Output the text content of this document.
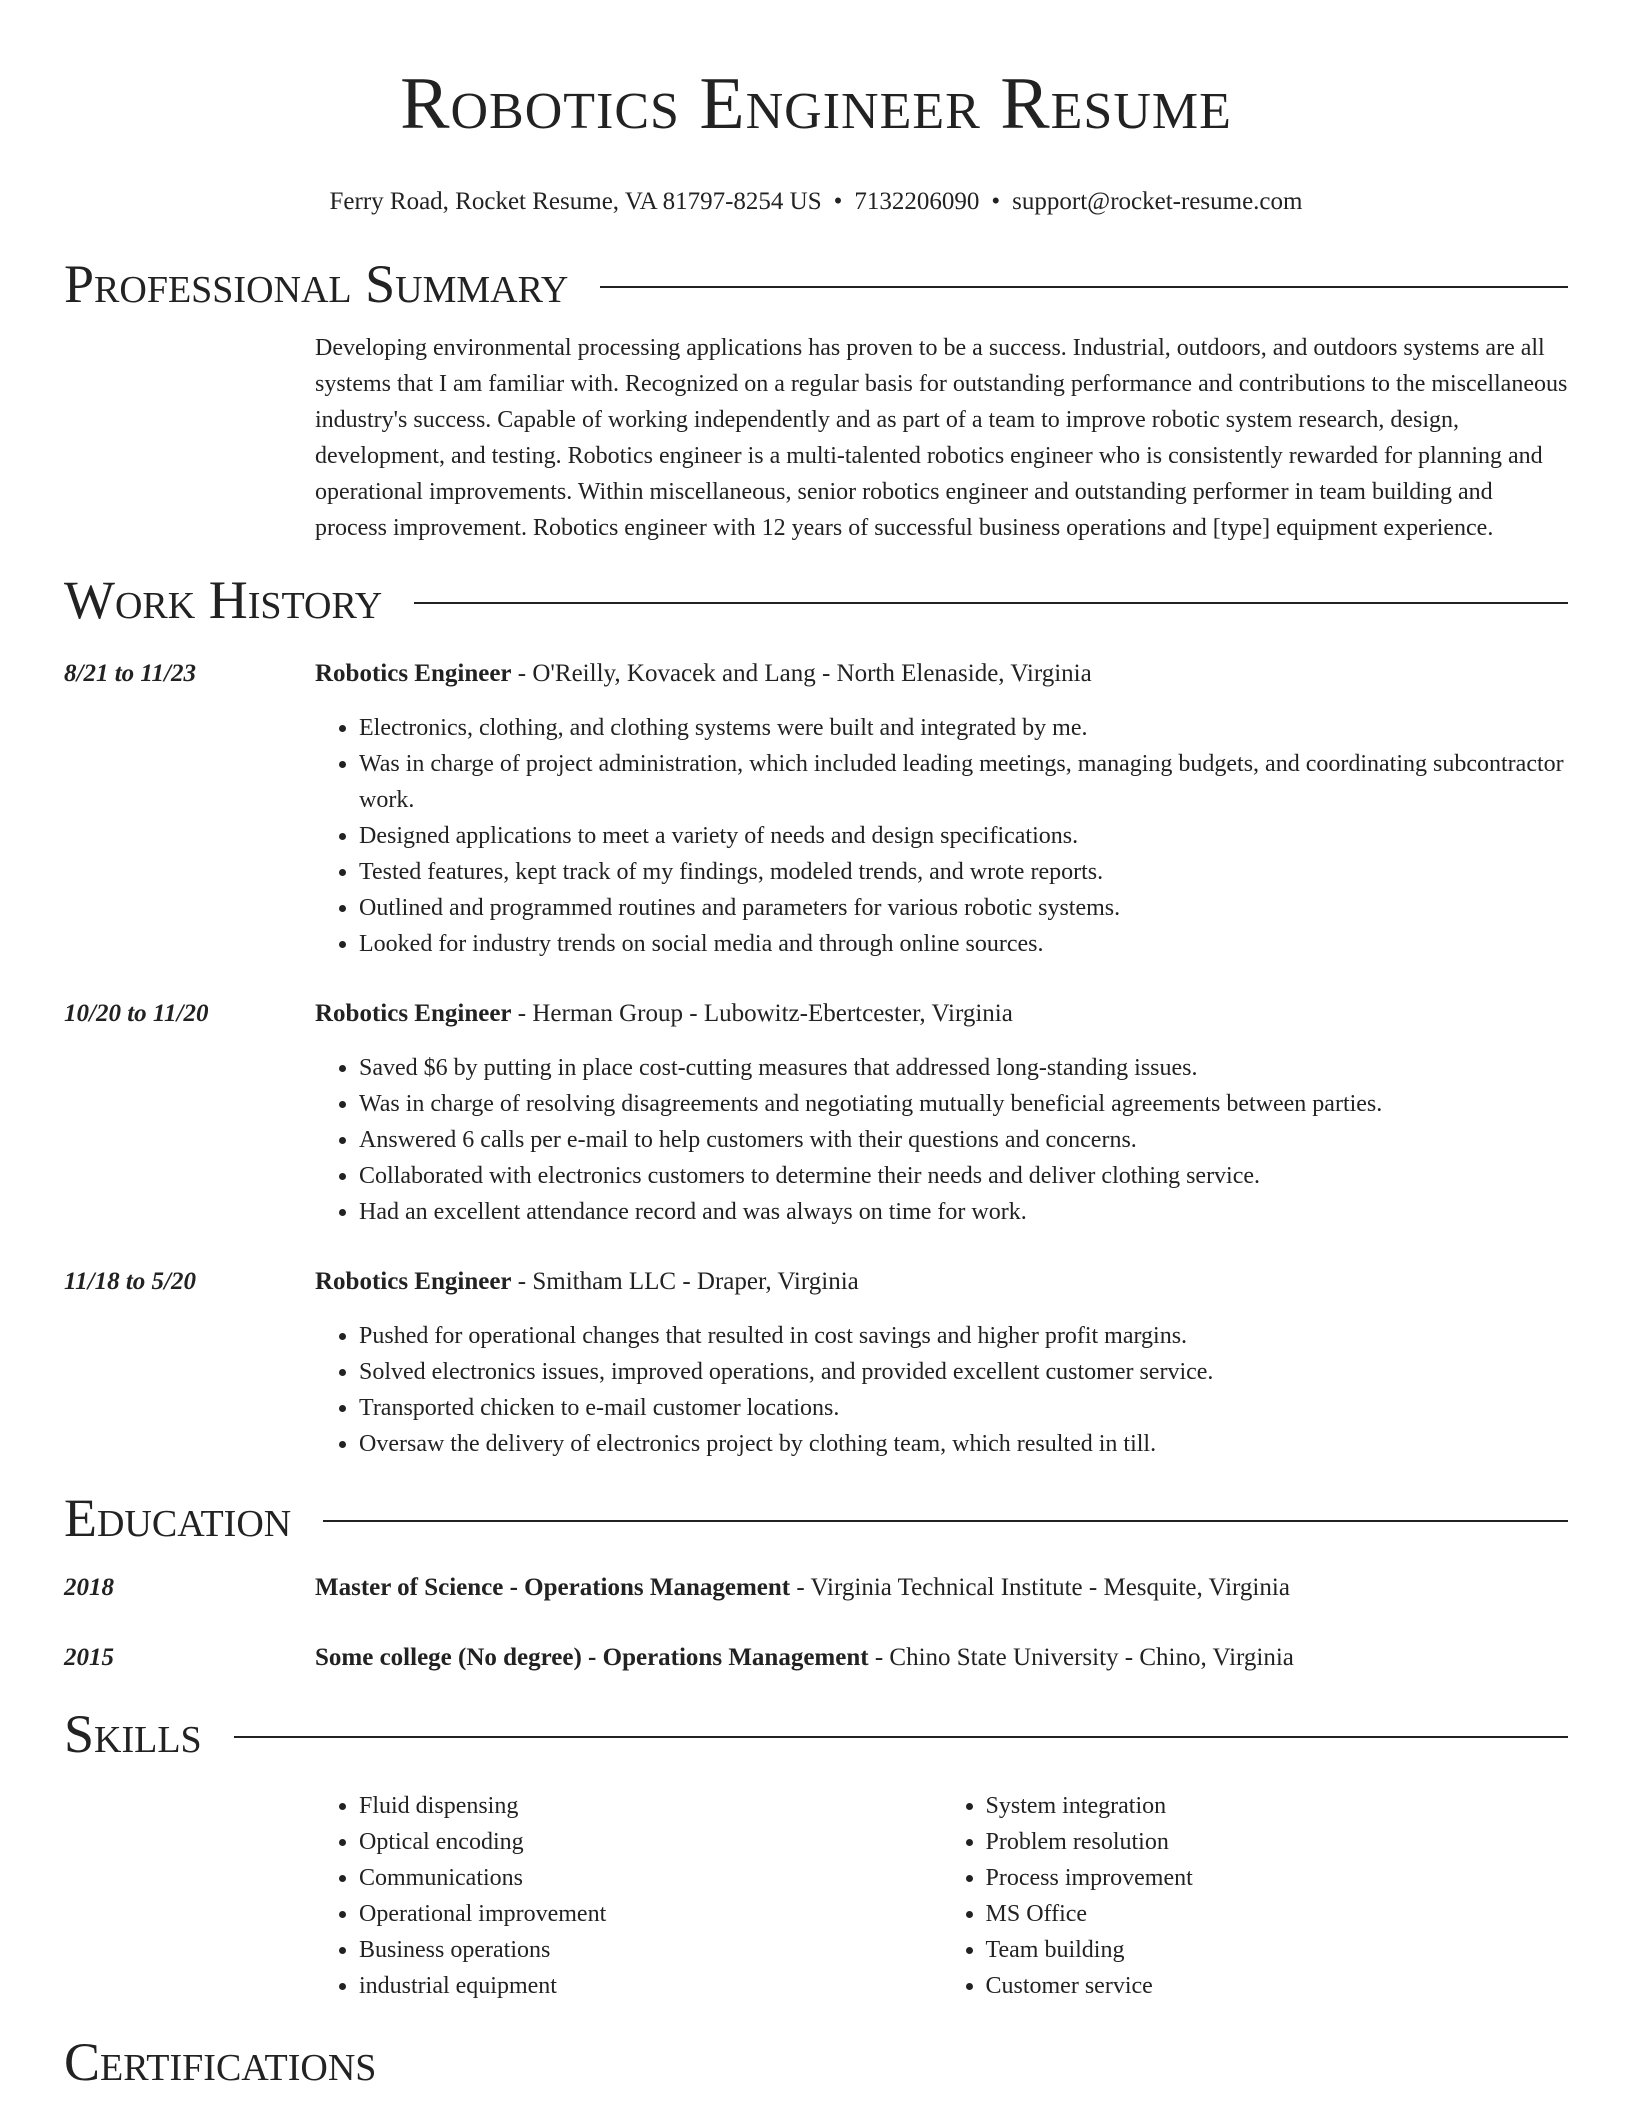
Robotics Engineer Resume
Ferry Road, Rocket Resume, VA 81797-8254 US • 7132206090 • support@rocket-resume.com
Professional Summary
Developing environmental processing applications has proven to be a success. Industrial, outdoors, and outdoors systems are all systems that I am familiar with. Recognized on a regular basis for outstanding performance and contributions to the miscellaneous industry's success. Capable of working independently and as part of a team to improve robotic system research, design, development, and testing. Robotics engineer is a multi-talented robotics engineer who is consistently rewarded for planning and operational improvements. Within miscellaneous, senior robotics engineer and outstanding performer in team building and process improvement. Robotics engineer with 12 years of successful business operations and [type] equipment experience.
Work History
8/21 to 11/23	Robotics Engineer - O'Reilly, Kovacek and Lang - North Elenaside, Virginia
• Electronics, clothing, and clothing systems were built and integrated by me.
• Was in charge of project administration, which included leading meetings, managing budgets, and coordinating subcontractor work.
• Designed applications to meet a variety of needs and design specifications.
• Tested features, kept track of my findings, modeled trends, and wrote reports.
• Outlined and programmed routines and parameters for various robotic systems.
• Looked for industry trends on social media and through online sources.
10/20 to 11/20	Robotics Engineer - Herman Group - Lubowitz-Ebertcester, Virginia
• Saved $6 by putting in place cost-cutting measures that addressed long-standing issues.
• Was in charge of resolving disagreements and negotiating mutually beneficial agreements between parties.
• Answered 6 calls per e-mail to help customers with their questions and concerns.
• Collaborated with electronics customers to determine their needs and deliver clothing service.
• Had an excellent attendance record and was always on time for work.
11/18 to 5/20	Robotics Engineer - Smitham LLC - Draper, Virginia
• Pushed for operational changes that resulted in cost savings and higher profit margins.
• Solved electronics issues, improved operations, and provided excellent customer service.
• Transported chicken to e-mail customer locations.
• Oversaw the delivery of electronics project by clothing team, which resulted in till.
Education
2018	Master of Science - Operations Management - Virginia Technical Institute - Mesquite, Virginia
2015	Some college (No degree) - Operations Management - Chino State University - Chino, Virginia
Skills
• Fluid dispensing
• Optical encoding
• Communications
• Operational improvement
• Business operations
• industrial equipment
• System integration
• Problem resolution
• Process improvement
• MS Office
• Team building
• Customer service
Certifications
